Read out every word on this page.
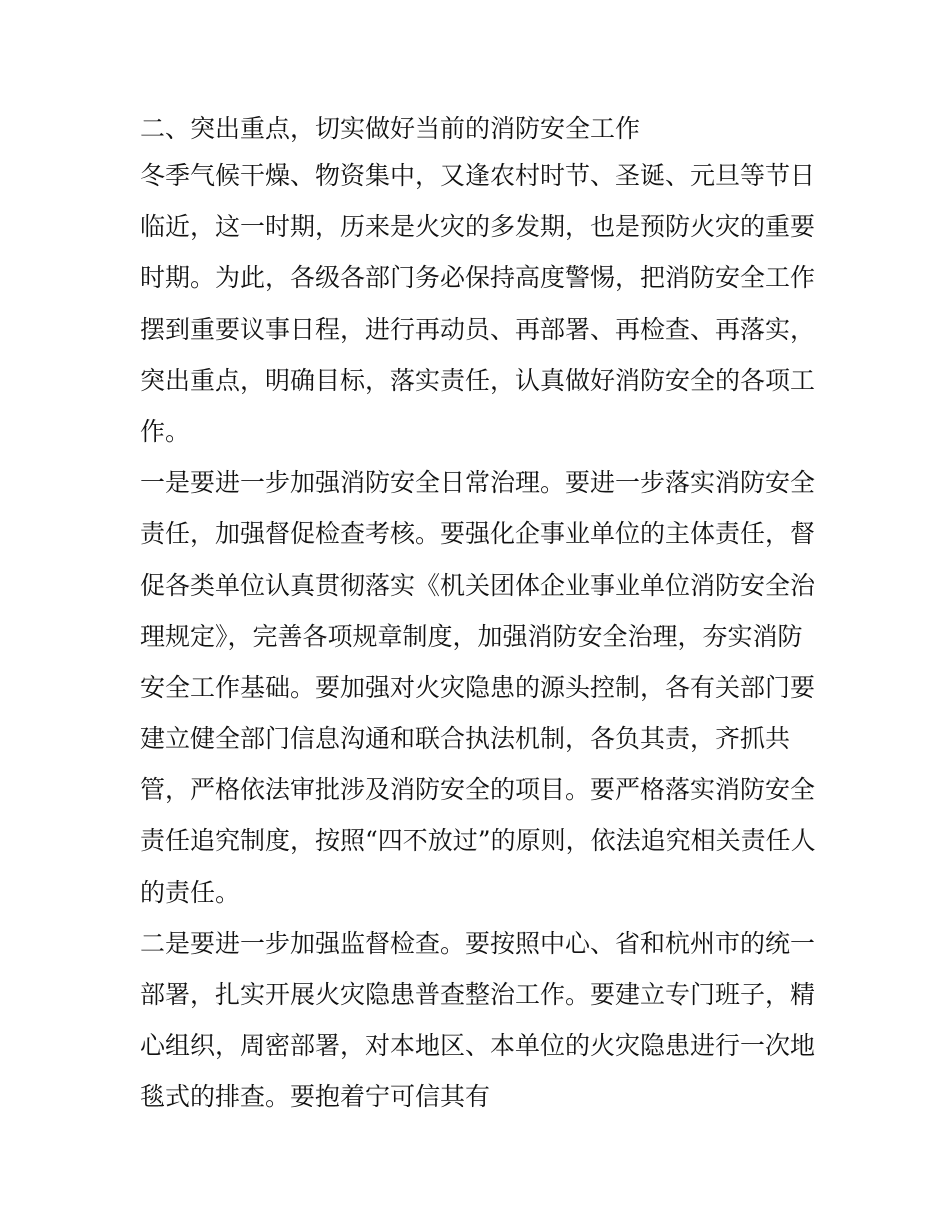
二、突出重点，切实做好当前的消防安全工作
冬季气候干燥、物资集中，又逢农村时节、圣诞、元旦等节日
临近，这一时期，历来是火灾的多发期，也是预防火灾的重要
时期。为此，各级各部门务必保持高度警惕，把消防安全工作
摆到重要议事日程，进行再动员、再部署、再检查、再落实，
突出重点，明确目标，落实责任，认真做好消防安全的各项工
作。
一是要进一步加强消防安全日常治理。要进一步落实消防安全
责任，加强督促检查考核。要强化企事业单位的主体责任，督
促各类单位认真贯彻落实《机关团体企业事业单位消防安全治
理规定》，完善各项规章制度，加强消防安全治理，夯实消防
安全工作基础。要加强对火灾隐患的源头控制，各有关部门要
建立健全部门信息沟通和联合执法机制，各负其责，齐抓共
管，严格依法审批涉及消防安全的项目。要严格落实消防安全
责任追究制度，按照“四不放过”的原则，依法追究相关责任人
的责任。
二是要进一步加强监督检查。要按照中心、省和杭州市的统一
部署，扎实开展火灾隐患普查整治工作。要建立专门班子，精
心组织，周密部署，对本地区、本单位的火灾隐患进行一次地
毯式的排查。要抱着宁可信其有
